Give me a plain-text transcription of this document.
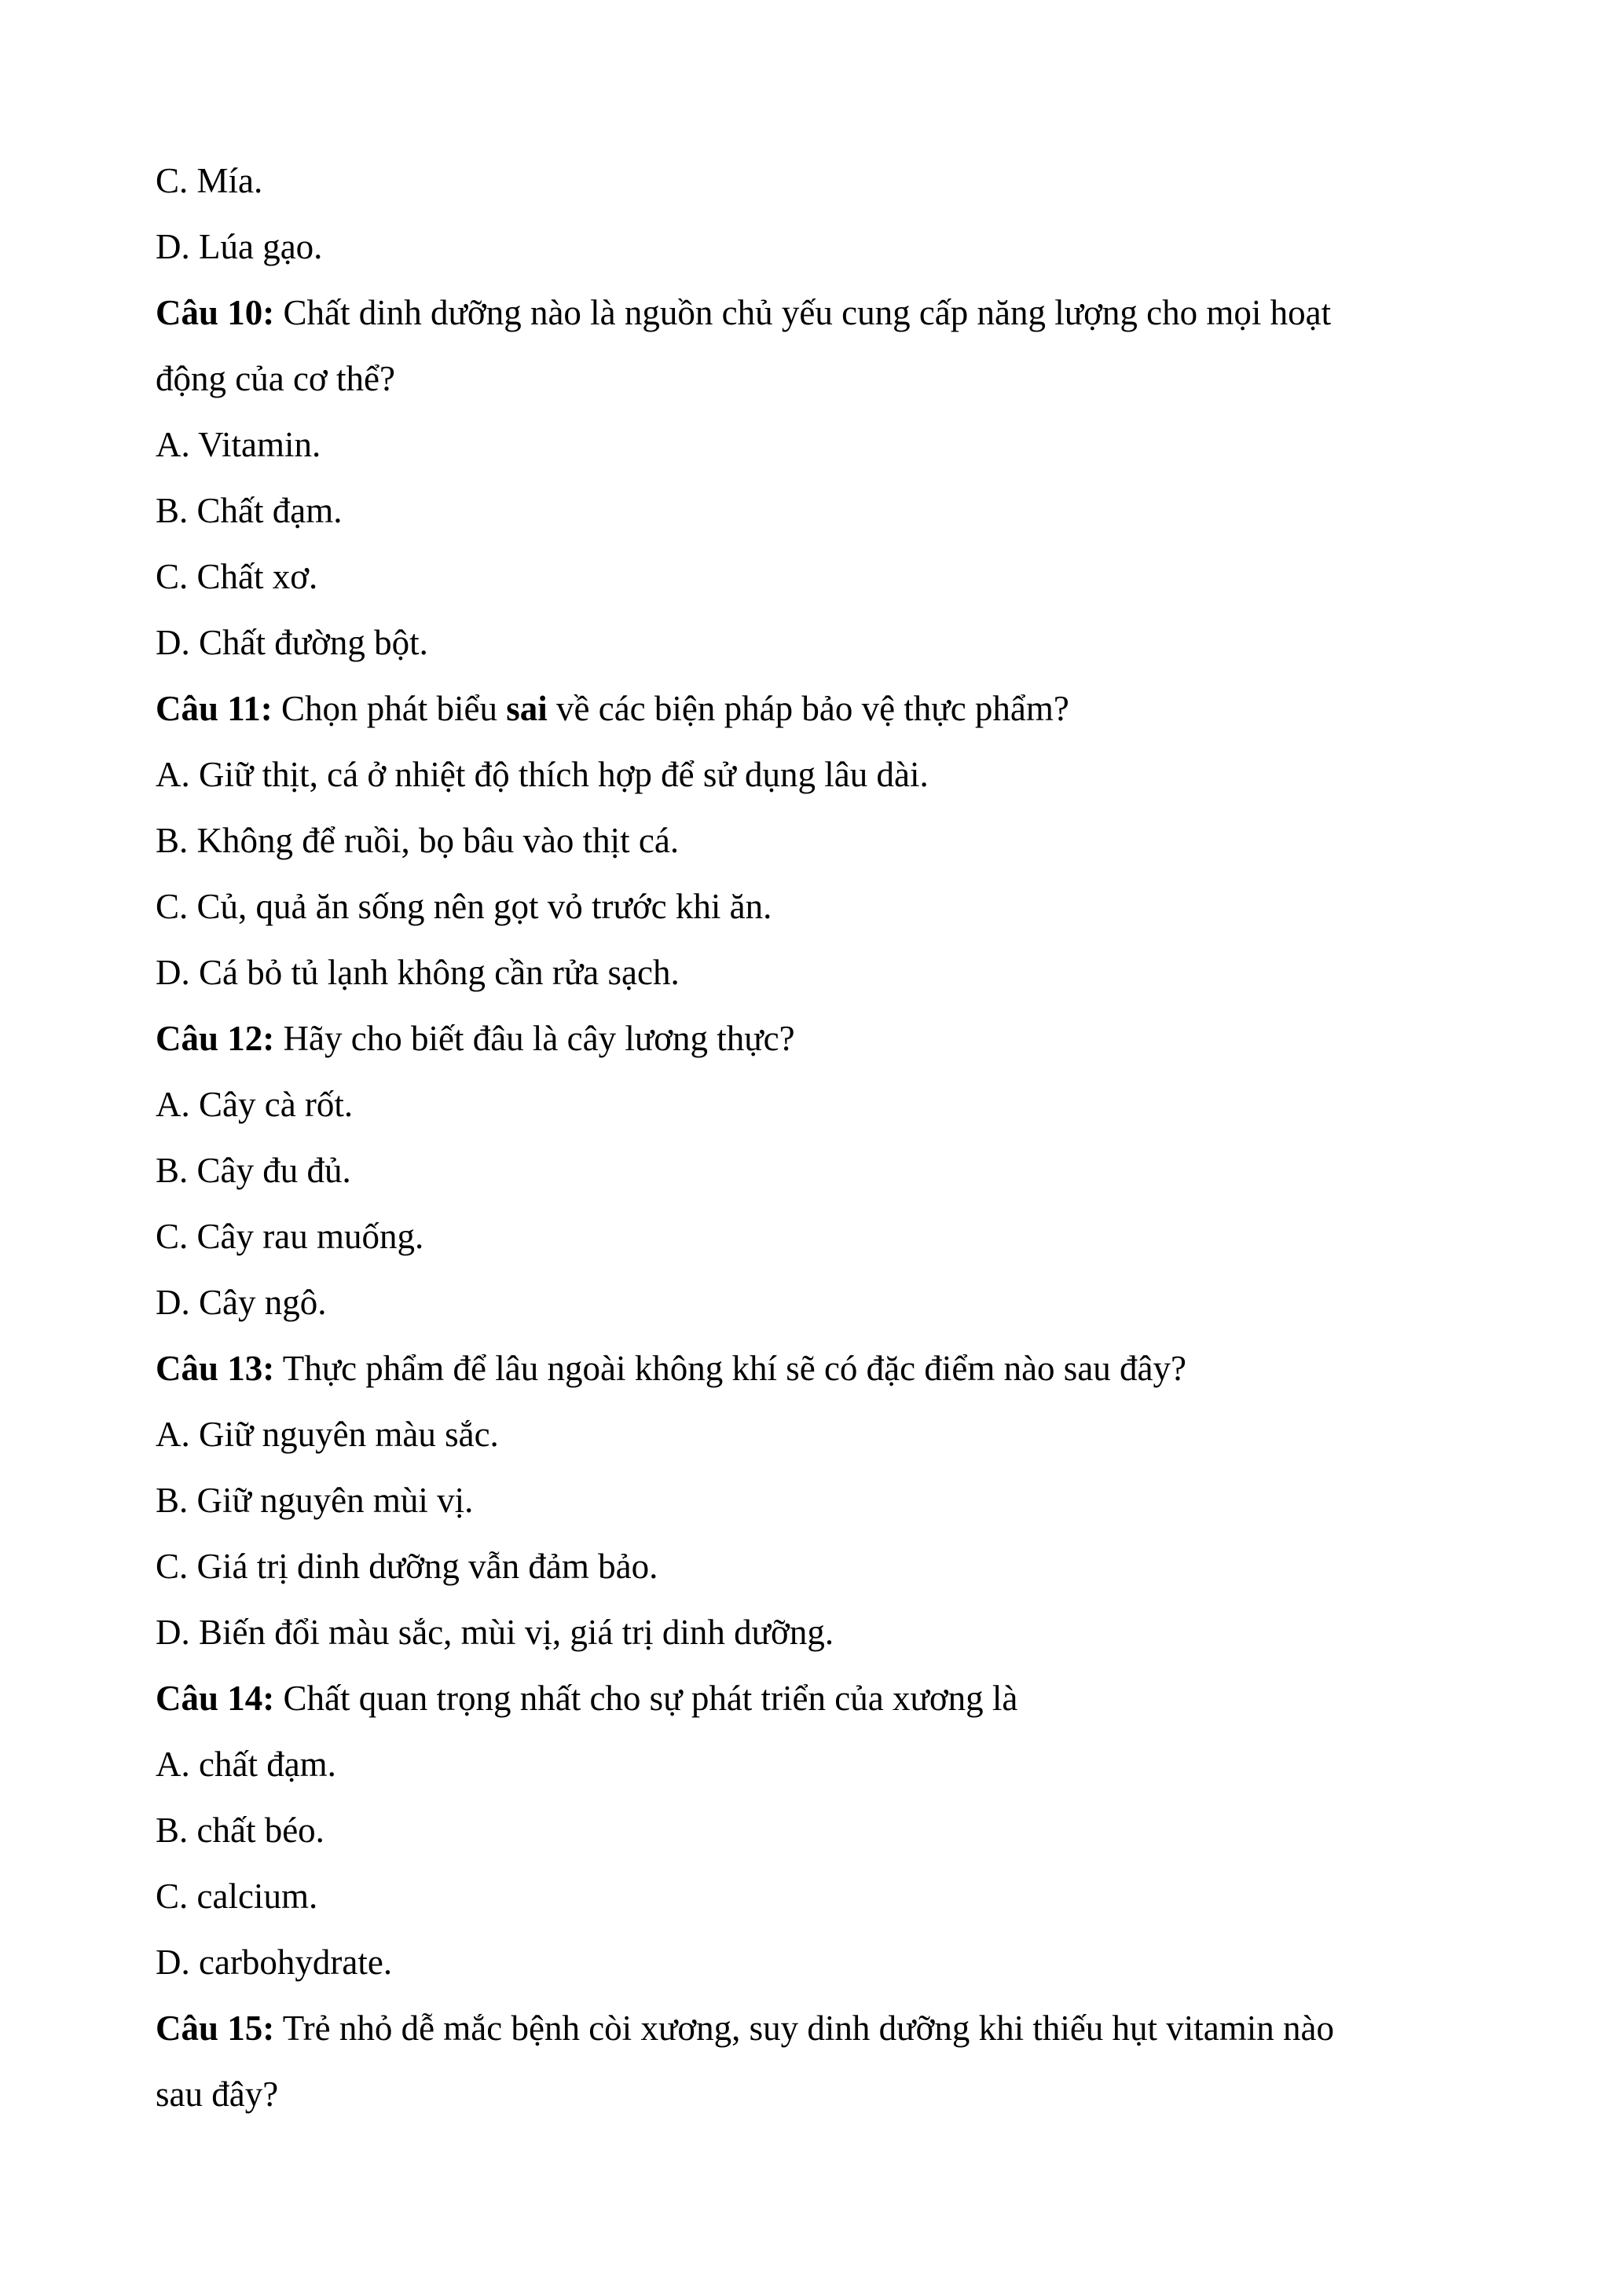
C. Mía.
D. Lúa gạo.
Câu 10: Chất dinh dưỡng nào là nguồn chủ yếu cung cấp năng lượng cho mọi hoạt
động của cơ thể?
A. Vitamin.
B. Chất đạm.
C. Chất xơ.
D. Chất đường bột.
Câu 11: Chọn phát biểu sai về các biện pháp bảo vệ thực phẩm?
A. Giữ thịt, cá ở nhiệt độ thích hợp để sử dụng lâu dài.
B. Không để ruồi, bọ bâu vào thịt cá.
C. Củ, quả ăn sống nên gọt vỏ trước khi ăn.
D. Cá bỏ tủ lạnh không cần rửa sạch.
Câu 12: Hãy cho biết đâu là cây lương thực?
A. Cây cà rốt.
B. Cây đu đủ.
C. Cây rau muống.
D. Cây ngô.
Câu 13: Thực phẩm để lâu ngoài không khí sẽ có đặc điểm nào sau đây?
A. Giữ nguyên màu sắc.
B. Giữ nguyên mùi vị.
C. Giá trị dinh dưỡng vẫn đảm bảo.
D. Biến đổi màu sắc, mùi vị, giá trị dinh dưỡng.
Câu 14: Chất quan trọng nhất cho sự phát triển của xương là
A. chất đạm.
B. chất béo.
C. calcium.
D. carbohydrate.
Câu 15: Trẻ nhỏ dễ mắc bệnh còi xương, suy dinh dưỡng khi thiếu hụt vitamin nào
sau đây?
